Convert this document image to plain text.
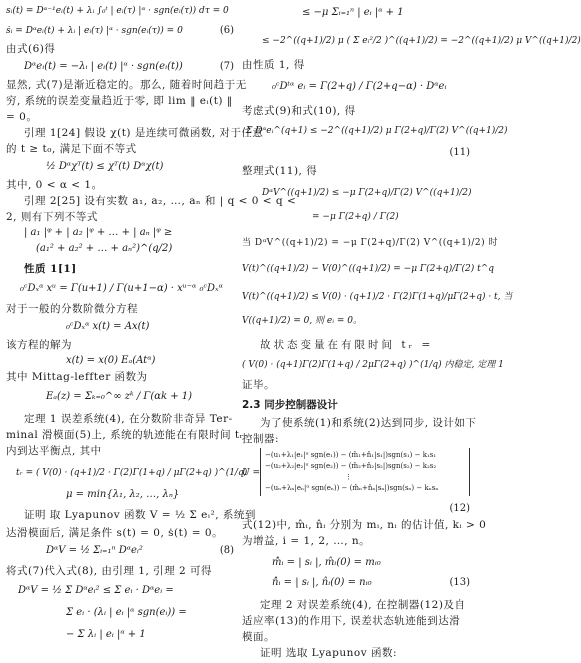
sᵢ(t) = Dᵅ⁻¹eᵢ(t) + λᵢ ∫₀ᵗ | eᵢ(τ) |ᵅ · sgn(eᵢ(τ)) dτ = 0
ṡᵢ = Dᵅeᵢ(t) + λᵢ | eᵢ(τ) |ᵅ · sgn(eᵢ(τ)) = 0	(6)
由式(6)得
Dᵅeᵢ(t) = −λᵢ | eᵢ(t) |ᵅ · sgn(eᵢ(t))	(7)
显然, 式(7)是渐近稳定的。那么, 随着时间趋于无
穷, 系统的误差变量趋近于零, 即 lim ‖ eᵢ(t) ‖
= 0。
引理 1[24] 假设 χ(t) 是连续可微函数, 对于任意
的 t ≥ t₀, 满足下面不等式
½ Dᵅχᵀ(t) ≤ χᵀ(t) Dᵅχ(t)
其中, 0 < α < 1。
引理 2[25] 设有实数 a₁, a₂, …, aₙ 和 | q < 0 < q <
2, 则有下列不等式
| a₁ |ᵠ + | a₂ |ᵠ + … + | aₙ |ᵠ ≥
(a₁² + a₂² + … + aₙ²)^(q/2)
性质 1[1]
₀ᶜDₓᵅ xᵘ = Γ(u+1) / Γ(u+1−α) · xᵘ⁻ᵅ ₀ᶜDₓᵅ
对于一般的分数阶微分方程
₀ᶜDₓᵅ x(t) = Ax(t)
该方程的解为
x(t) = x(0) Eₐ(Atᵅ)
其中 Mittag-leffter 函数为
Eₐ(z) = Σₖ₌₀^∞ zᵏ / Γ(αk + 1)
定理 1 误差系统(4), 在分数阶非奇异 Ter-
minal 滑模面(5)上, 系统的轨迹能在有限时间 tᵣ
内到达平衡点, 其中
tᵣ = ( V(0) · (q+1)/2 · Γ(2)Γ(1+q) / μΓ(2+q) )^(1/q)
μ = min{λ₁, λ₂, …, λₙ}
证明 取 Lyapunov 函数 V = ½ Σ eᵢ², 系统到
达滑模面后, 满足条件 s(t) = 0, ṡ(t) = 0。
DᵅV = ½ Σᵢ₌₁ⁿ Dᵅeᵢ²	(8)
将式(7)代入式(8), 由引理 1, 引理 2 可得
DᵅV = ½ Σ Dᵅeᵢ² ≤ Σ eᵢ · Dᵅeᵢ =
Σ eᵢ · (λᵢ | eᵢ |ᵅ sgn(eᵢ)) =
− Σ λᵢ | eᵢ |ᵅ + 1
≤ −μ Σᵢ₌₁ⁿ | eᵢ |ᵅ + 1
≤ −2^((q+1)/2) μ ( Σ eᵢ²/2 )^((q+1)/2) = −2^((q+1)/2) μ V^((q+1)/2)
由性质 1, 得
₀ᶜDᵗᵅ eᵢ = Γ(2+q) / Γ(2+q−α) · Dᵅeᵢ
考虑式(9)和式(10), 得
Σ Dᵅeᵢ^(q+1) ≤ −2^((q+1)/2) μ Γ(2+q)/Γ(2) V^((q+1)/2)
(11)
整理式(11), 得
DᵅV^((q+1)/2) ≤ −μ Γ(2+q)/Γ(2) V^((q+1)/2)
= −μ Γ(2+q) / Γ(2)
当 DᵅV^((q+1)/2) = −μ Γ(2+q)/Γ(2) V^((q+1)/2) 时
V(t)^((q+1)/2) − V(0)^((q+1)/2) = −μ Γ(2+q)/Γ(2) t^q
V(t)^((q+1)/2) ≤ V(0) · (q+1)/2 · Γ(2)Γ(1+q)/μΓ(2+q) · t, 当
V((q+1)/2) = 0, 则 eᵢ = 0。
故状态变量在有限时间 tᵣ =
( V(0) · (q+1)Γ(2)Γ(1+q) / 2μΓ(2+q) )^(1/q) 内稳定, 定理 1
证毕。
2.3 同步控制器设计
为了使系统(1)和系统(2)达到同步, 设计如下
控制器:
U =
−(u₁+λ₁|e₁|ᵅ sgn(e₁)) − (m̂₁+n̂₁|s₁|)sgn(s₁) − k₁s₁
−(u₂+λ₂|e₂|ᵅ sgn(e₂)) − (m̂₂+n̂₂|s₂|)sgn(s₂) − k₂s₂
⋮
−(uₙ+λₙ|eₙ|ᵅ sgn(eₙ)) − (m̂ₙ+n̂ₙ|sₙ|)sgn(sₙ) − kₙsₙ
(12)
式(12)中, m̂ᵢ, n̂ᵢ 分别为 mᵢ, nᵢ 的估计值, kᵢ > 0
为增益, i = 1, 2, …, n。
m̂̇ᵢ = | sᵢ |, m̂ᵢ(0) = mᵢ₀
n̂̇ᵢ = | sᵢ |, n̂ᵢ(0) = nᵢ₀	(13)
定理 2 对误差系统(4), 在控制器(12)及自
适应率(13)的作用下, 误差状态轨迹能到达滑
模面。
证明 选取 Lyapunov 函数:
